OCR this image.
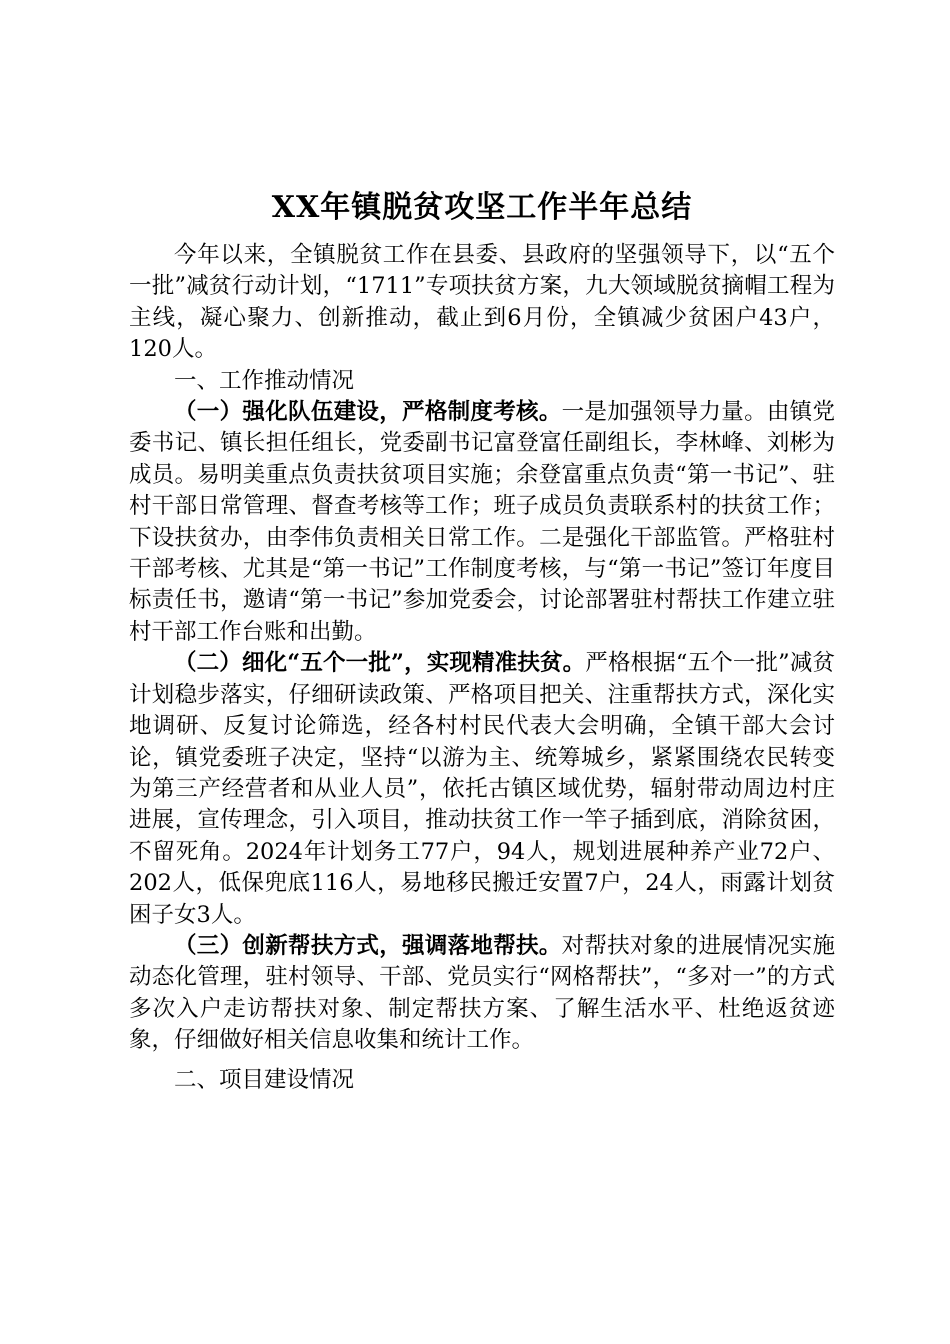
XX年镇脱贫攻坚工作半年总结

今年以来，全镇脱贫工作在县委、县政府的坚强领导下，以“五个一批”减贫行动计划，“1711”专项扶贫方案，九大领域脱贫摘帽工程为主线，凝心聚力、创新推动，截止到6月份，全镇减少贫困户43户，120人。

一、工作推动情况

（一）强化队伍建设，严格制度考核。一是加强领导力量。由镇党委书记、镇长担任组长，党委副书记富登富任副组长，李林峰、刘彬为成员。易明美重点负责扶贫项目实施；余登富重点负责“第一书记”、驻村干部日常管理、督查考核等工作；班子成员负责联系村的扶贫工作；下设扶贫办，由李伟负责相关日常工作。二是强化干部监管。严格驻村干部考核、尤其是“第一书记”工作制度考核，与“第一书记”签订年度目标责任书，邀请“第一书记”参加党委会，讨论部署驻村帮扶工作建立驻村干部工作台账和出勤。

（二）细化“五个一批”，实现精准扶贫。严格根据“五个一批”减贫计划稳步落实，仔细研读政策、严格项目把关、注重帮扶方式，深化实地调研、反复讨论筛选，经各村村民代表大会明确，全镇干部大会讨论，镇党委班子决定，坚持“以游为主、统筹城乡，紧紧围绕农民转变为第三产经营者和从业人员”，依托古镇区域优势，辐射带动周边村庄进展，宣传理念，引入项目，推动扶贫工作一竿子插到底，消除贫困，不留死角。2024年计划务工77户，94人，规划进展种养产业72户、202人，低保兜底116人，易地移民搬迁安置7户，24人，雨露计划贫困子女3人。

（三）创新帮扶方式，强调落地帮扶。对帮扶对象的进展情况实施动态化管理，驻村领导、干部、党员实行“网格帮扶”，“多对一”的方式多次入户走访帮扶对象、制定帮扶方案、了解生活水平、杜绝返贫迹象，仔细做好相关信息收集和统计工作。

二、项目建设情况
